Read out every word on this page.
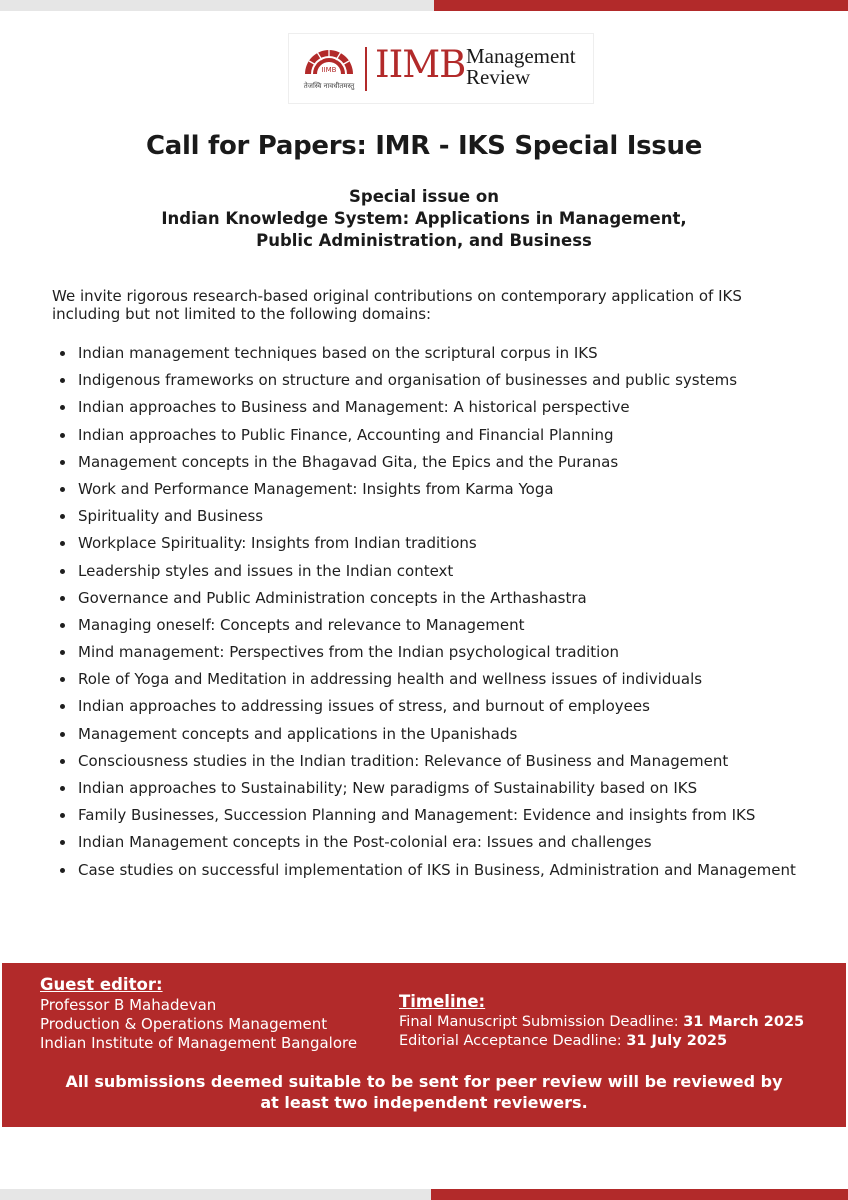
IIMB
तेजस्वि नावधीतमस्तु IIMB Management
Review
Call for Papers: IMR - IKS Special Issue
Special issue on
Indian Knowledge System: Applications in Management,
Public Administration, and Business
We invite rigorous research-based original contributions on contemporary application of IKS including but not limited to the following domains:
Indian management techniques based on the scriptural corpus in IKS
Indigenous frameworks on structure and organisation of businesses and public systems
Indian approaches to Business and Management: A historical perspective
Indian approaches to Public Finance, Accounting and Financial Planning
Management concepts in the Bhagavad Gita, the Epics and the Puranas
Work and Performance Management: Insights from Karma Yoga
Spirituality and Business
Workplace Spirituality: Insights from Indian traditions
Leadership styles and issues in the Indian context
Governance and Public Administration concepts in the Arthashastra
Managing oneself: Concepts and relevance to Management
Mind management: Perspectives from the Indian psychological tradition
Role of Yoga and Meditation in addressing health and wellness issues of individuals
Indian approaches to addressing issues of stress, and burnout of employees
Management concepts and applications in the Upanishads
Consciousness studies in the Indian tradition: Relevance of Business and Management
Indian approaches to Sustainability; New paradigms of Sustainability based on IKS
Family Businesses, Succession Planning and Management: Evidence and insights from IKS
Indian Management concepts in the Post-colonial era: Issues and challenges
Case studies on successful implementation of IKS in Business, Administration and Management
Guest editor:
Professor B Mahadevan
Production & Operations Management
Indian Institute of Management Bangalore
Timeline:
Final Manuscript Submission Deadline: 31 March 2025
Editorial Acceptance Deadline: 31 July 2025
All submissions deemed suitable to be sent for peer review will be reviewed by
at least two independent reviewers.
